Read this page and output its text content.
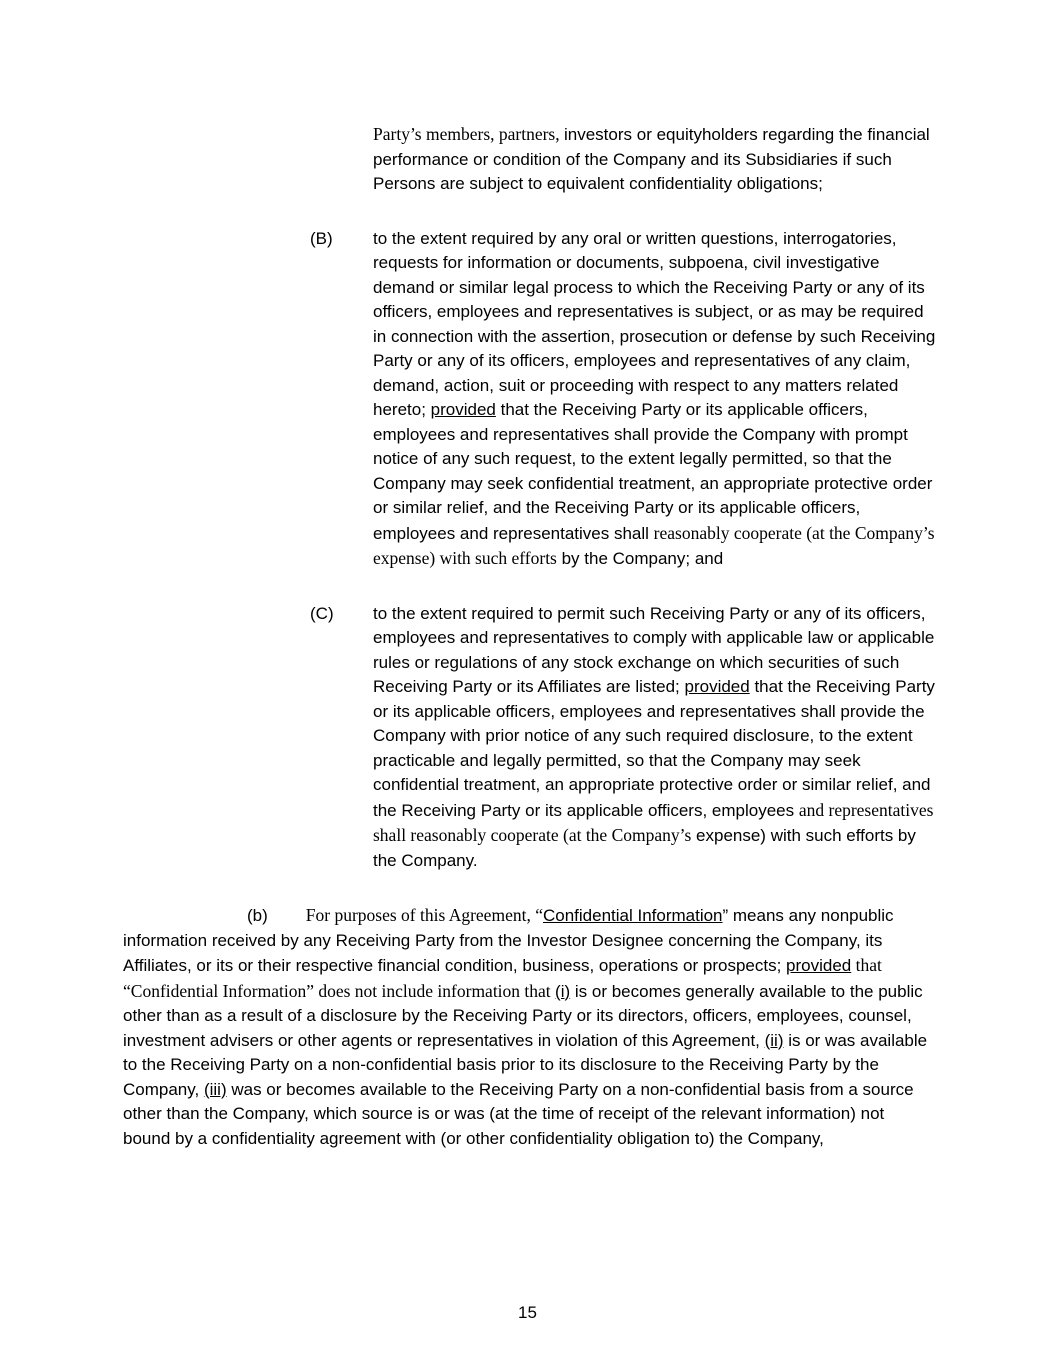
Party’s members, partners, investors or equityholders regarding the financial performance or condition of the Company and its Subsidiaries if such Persons are subject to equivalent confidentiality obligations;
(B)	to the extent required by any oral or written questions, interrogatories, requests for information or documents, subpoena, civil investigative demand or similar legal process to which the Receiving Party or any of its officers, employees and representatives is subject, or as may be required in connection with the assertion, prosecution or defense by such Receiving Party or any of its officers, employees and representatives of any claim, demand, action, suit or proceeding with respect to any matters related hereto; provided that the Receiving Party or its applicable officers, employees and representatives shall provide the Company with prompt notice of any such request, to the extent legally permitted, so that the Company may seek confidential treatment, an appropriate protective order or similar relief, and the Receiving Party or its applicable officers, employees and representatives shall reasonably cooperate (at the Company’s expense) with such efforts by the Company; and
(C)	to the extent required to permit such Receiving Party or any of its officers, employees and representatives to comply with applicable law or applicable rules or regulations of any stock exchange on which securities of such Receiving Party or its Affiliates are listed; provided that the Receiving Party or its applicable officers, employees and representatives shall provide the Company with prior notice of any such required disclosure, to the extent practicable and legally permitted, so that the Company may seek confidential treatment, an appropriate protective order or similar relief, and the Receiving Party or its applicable officers, employees and representatives shall reasonably cooperate (at the Company’s expense) with such efforts by the Company.
(b) For purposes of this Agreement, “Confidential Information” means any nonpublic information received by any Receiving Party from the Investor Designee concerning the Company, its Affiliates, or its or their respective financial condition, business, operations or prospects; provided that “Confidential Information” does not include information that (i) is or becomes generally available to the public other than as a result of a disclosure by the Receiving Party or its directors, officers, employees, counsel, investment advisers or other agents or representatives in violation of this Agreement, (ii) is or was available to the Receiving Party on a non-confidential basis prior to its disclosure to the Receiving Party by the Company, (iii) was or becomes available to the Receiving Party on a non-confidential basis from a source other than the Company, which source is or was (at the time of receipt of the relevant information) not bound by a confidentiality agreement with (or other confidentiality obligation to) the Company,
15
